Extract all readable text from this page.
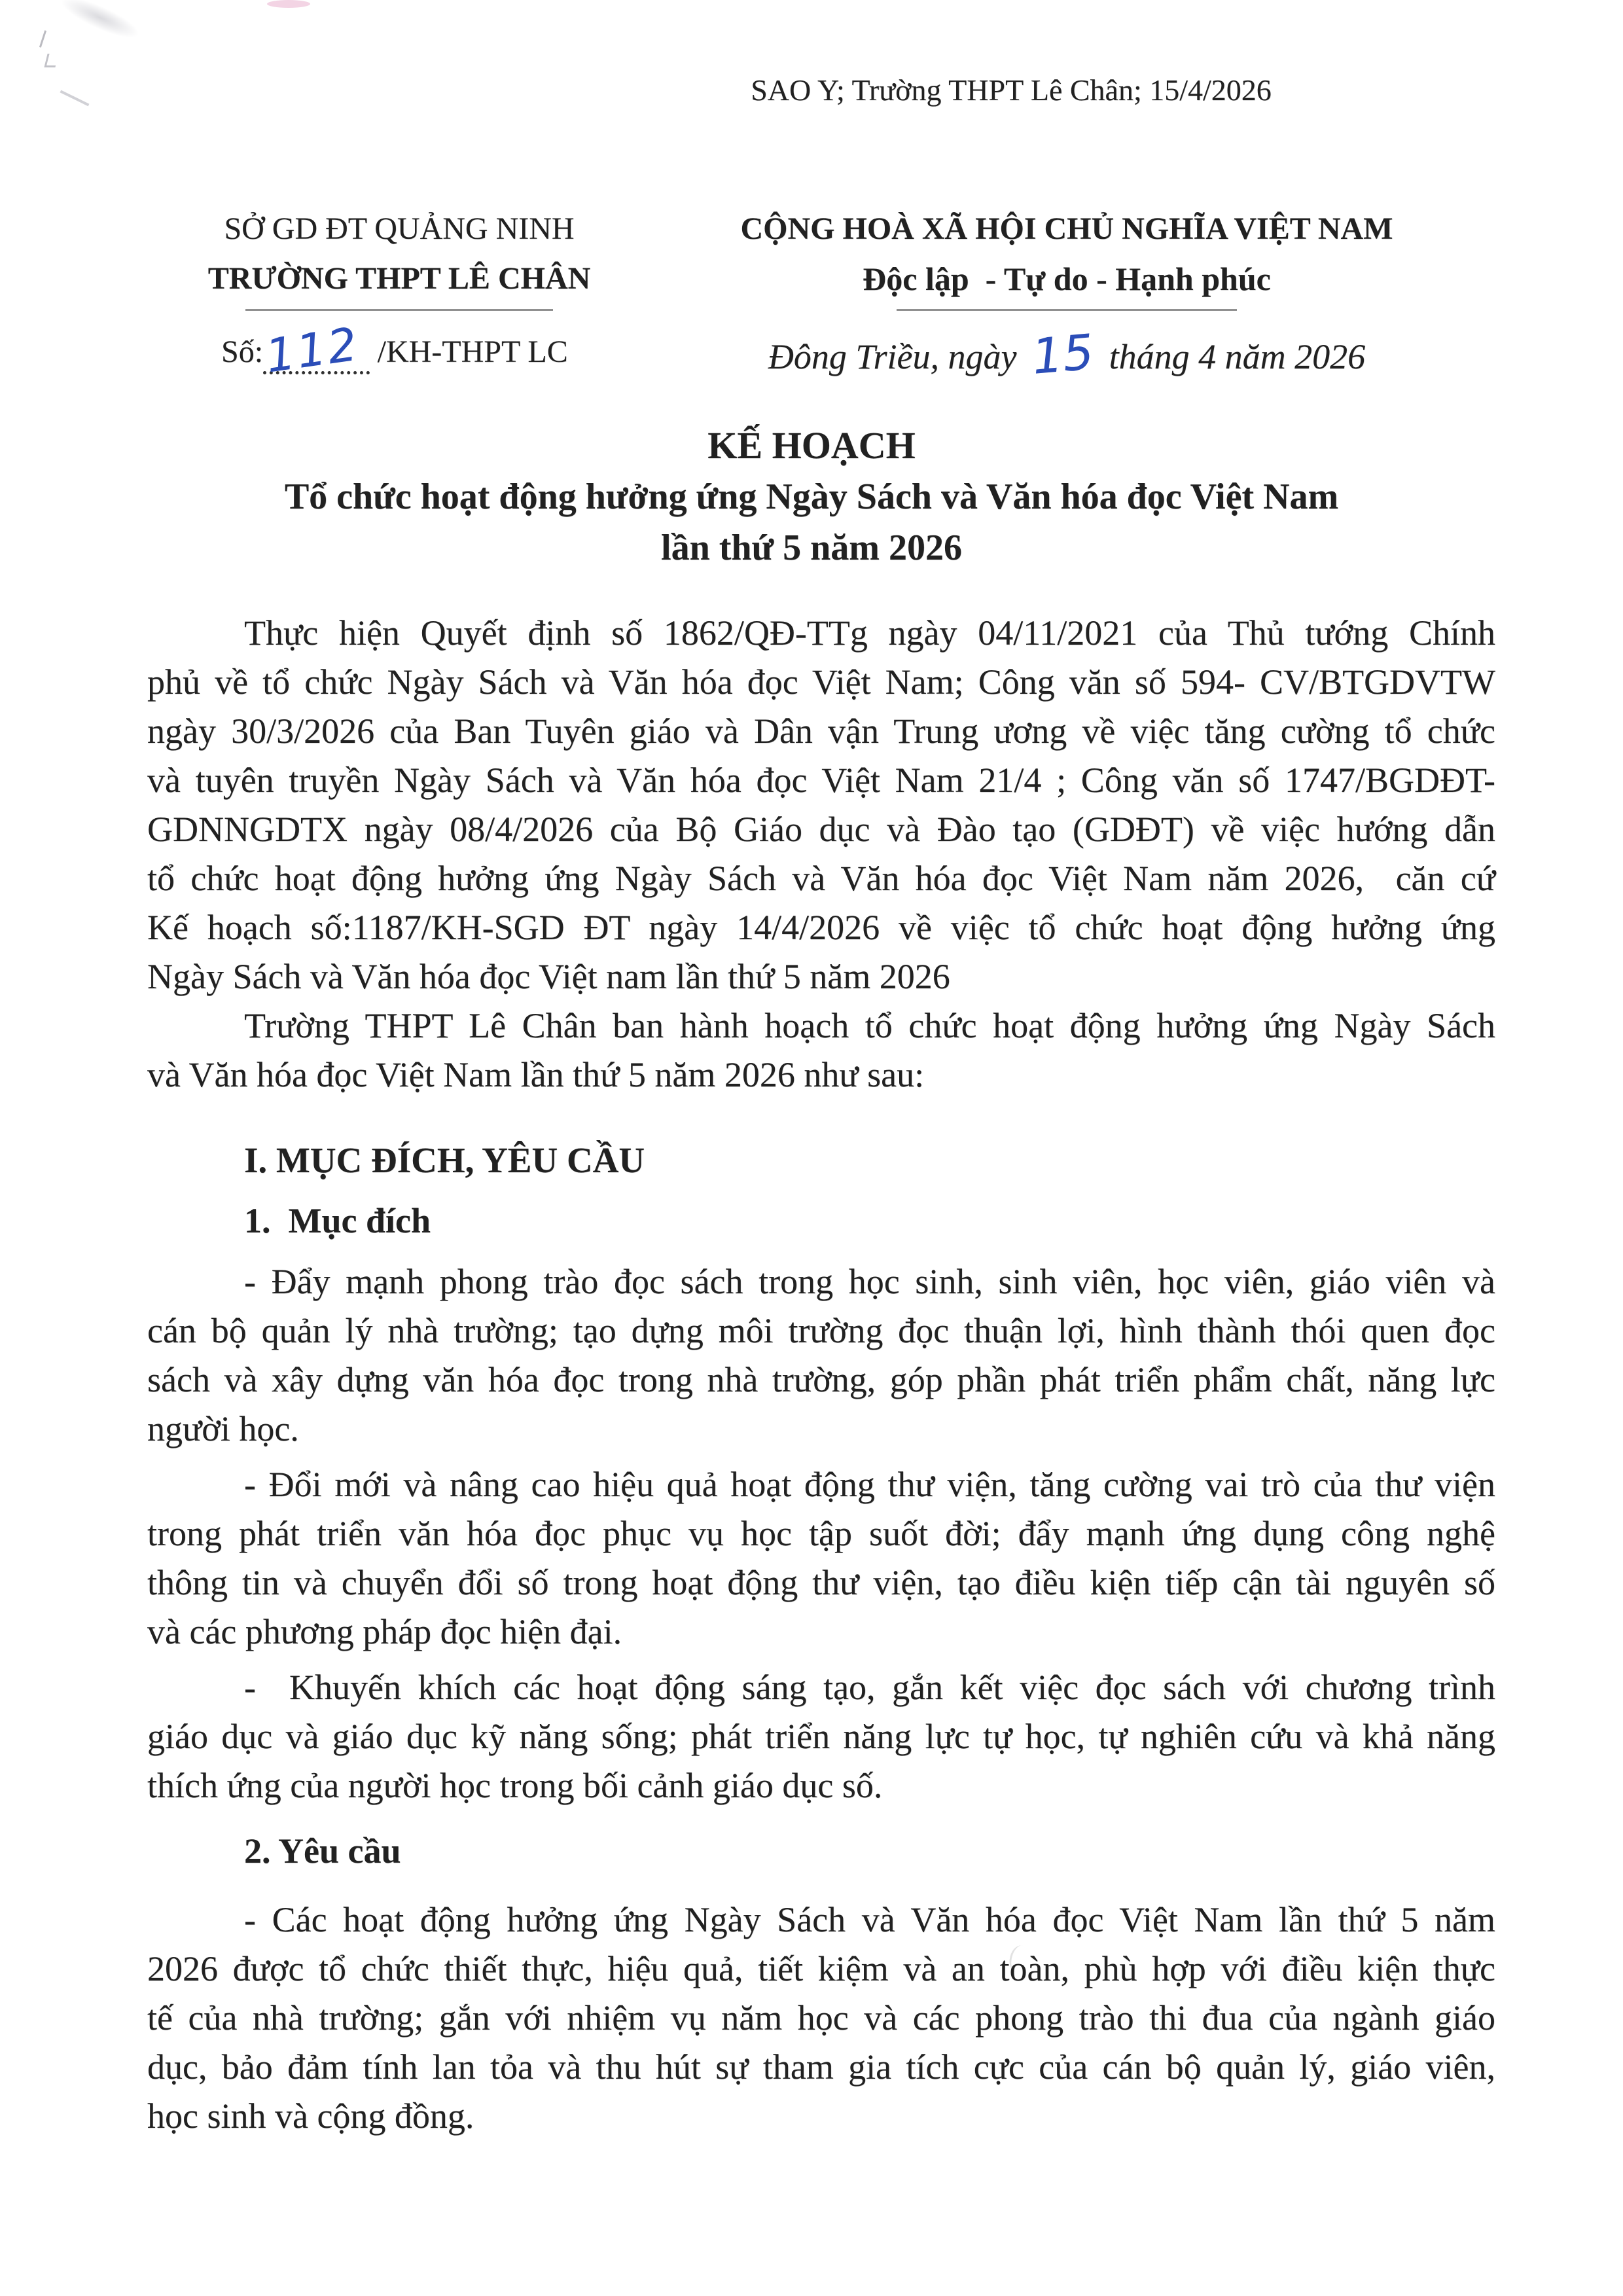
SAO Y; Trường THPT Lê Chân; 15/4/2026
SỞ GD ĐT QUẢNG NINH
TRƯỜNG THPT LÊ CHÂN
CỘNG HOÀ XÃ HỘI CHỦ NGHĨA VIỆT NAM
Độc lập  - Tự do - Hạnh phúc
Số:112 /KH-THPT LC	Đông Triều, ngày 15 tháng 4 năm 2026
KẾ HOẠCH
Tổ chức hoạt động hưởng ứng Ngày Sách và Văn hóa đọc Việt Nam
lần thứ 5 năm 2026
Thực hiện Quyết định số 1862/QĐ-TTg ngày 04/11/2021 của Thủ tướng Chính
phủ về tổ chức Ngày Sách và Văn hóa đọc Việt Nam; Công văn số 594- CV/BTGDVTW
ngày 30/3/2026 của Ban Tuyên giáo và Dân vận Trung ương về việc tăng cường tổ chức
và tuyên truyền Ngày Sách và Văn hóa đọc Việt Nam 21/4 ; Công văn số 1747/BGDĐT-
GDNNGDTX ngày 08/4/2026 của Bộ Giáo dục và Đào tạo (GDĐT) về việc hướng dẫn
tổ chức hoạt động hưởng ứng Ngày Sách và Văn hóa đọc Việt Nam năm 2026,  căn cứ
Kế hoạch số:1187/KH-SGD ĐT ngày 14/4/2026 về việc tổ chức hoạt động hưởng ứng
Ngày Sách và Văn hóa đọc Việt nam lần thứ 5 năm 2026
Trường THPT Lê Chân ban hành hoạch tổ chức hoạt động hưởng ứng Ngày Sách
và Văn hóa đọc Việt Nam lần thứ 5 năm 2026 như sau:
I. MỤC ĐÍCH, YÊU CẦU
1.  Mục đích
- Đẩy mạnh phong trào đọc sách trong học sinh, sinh viên, học viên, giáo viên và
cán bộ quản lý nhà trường; tạo dựng môi trường đọc thuận lợi, hình thành thói quen đọc
sách và xây dựng văn hóa đọc trong nhà trường, góp phần phát triển phẩm chất, năng lực
người học.
- Đổi mới và nâng cao hiệu quả hoạt động thư viện, tăng cường vai trò của thư viện
trong phát triển văn hóa đọc phục vụ học tập suốt đời; đẩy mạnh ứng dụng công nghệ
thông tin và chuyển đổi số trong hoạt động thư viện, tạo điều kiện tiếp cận tài nguyên số
và các phương pháp đọc hiện đại.
-  Khuyến khích các hoạt động sáng tạo, gắn kết việc đọc sách với chương trình
giáo dục và giáo dục kỹ năng sống; phát triển năng lực tự học, tự nghiên cứu và khả năng
thích ứng của người học trong bối cảnh giáo dục số.
2. Yêu cầu
- Các hoạt động hưởng ứng Ngày Sách và Văn hóa đọc Việt Nam lần thứ 5 năm
2026 được tổ chức thiết thực, hiệu quả, tiết kiệm và an toàn, phù hợp với điều kiện thực
tế của nhà trường; gắn với nhiệm vụ năm học và các phong trào thi đua của ngành giáo
dục, bảo đảm tính lan tỏa và thu hút sự tham gia tích cực của cán bộ quản lý, giáo viên,
học sinh và cộng đồng.
